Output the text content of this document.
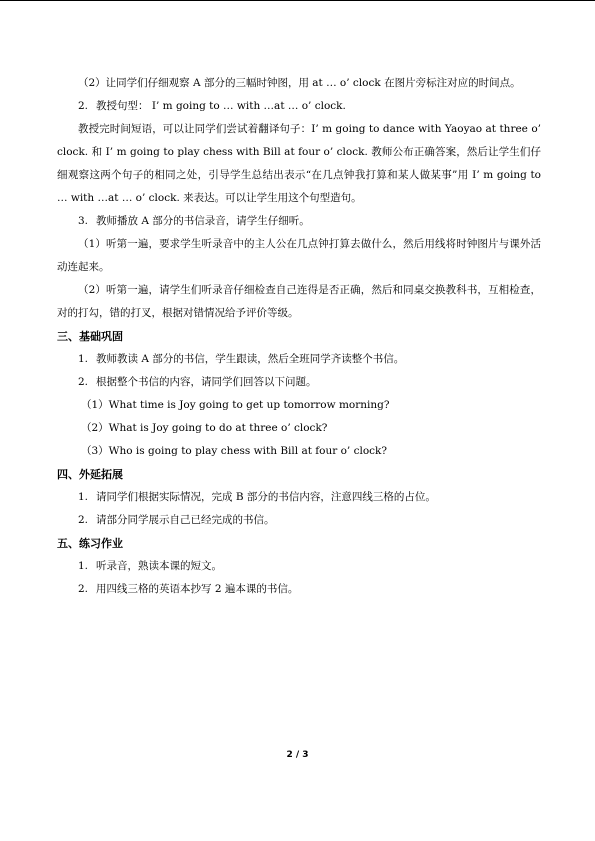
（2）让同学们仔细观察 A 部分的三幅时钟图，用 at … o’ clock 在图片旁标注对应的时间点。

2. 教授句型： I’ m going to … with …at … o’ clock.

教授完时间短语，可以让同学们尝试着翻译句子：I’ m going to dance with Yaoyao at three o’ clock. 和 I’ m going to play chess with Bill at four o’ clock. 教师公布正确答案，然后让学生们仔细观察这两个句子的相同之处，引导学生总结出表示“在几点钟我打算和某人做某事”用 I’ m going to … with …at … o’ clock. 来表达。可以让学生用这个句型造句。

3. 教师播放 A 部分的书信录音，请学生仔细听。

（1）听第一遍，要求学生听录音中的主人公在几点钟打算去做什么，然后用线将时钟图片与课外活动连起来。

（2）听第一遍，请学生们听录音仔细检查自己连得是否正确，然后和同桌交换教科书，互相检查，对的打勾，错的打叉，根据对错情况给予评价等级。

三、基础巩固

1. 教师教读 A 部分的书信，学生跟读，然后全班同学齐读整个书信。

2. 根据整个书信的内容，请同学们回答以下问题。

（1）What time is Joy going to get up tomorrow morning?

（2）What is Joy going to do at three o’ clock?

（3）Who is going to play chess with Bill at four o’ clock?

四、外延拓展

1. 请同学们根据实际情况，完成 B 部分的书信内容，注意四线三格的占位。

2. 请部分同学展示自己已经完成的书信。

五、练习作业

1. 听录音，熟读本课的短文。

2. 用四线三格的英语本抄写 2 遍本课的书信。

2 / 3
